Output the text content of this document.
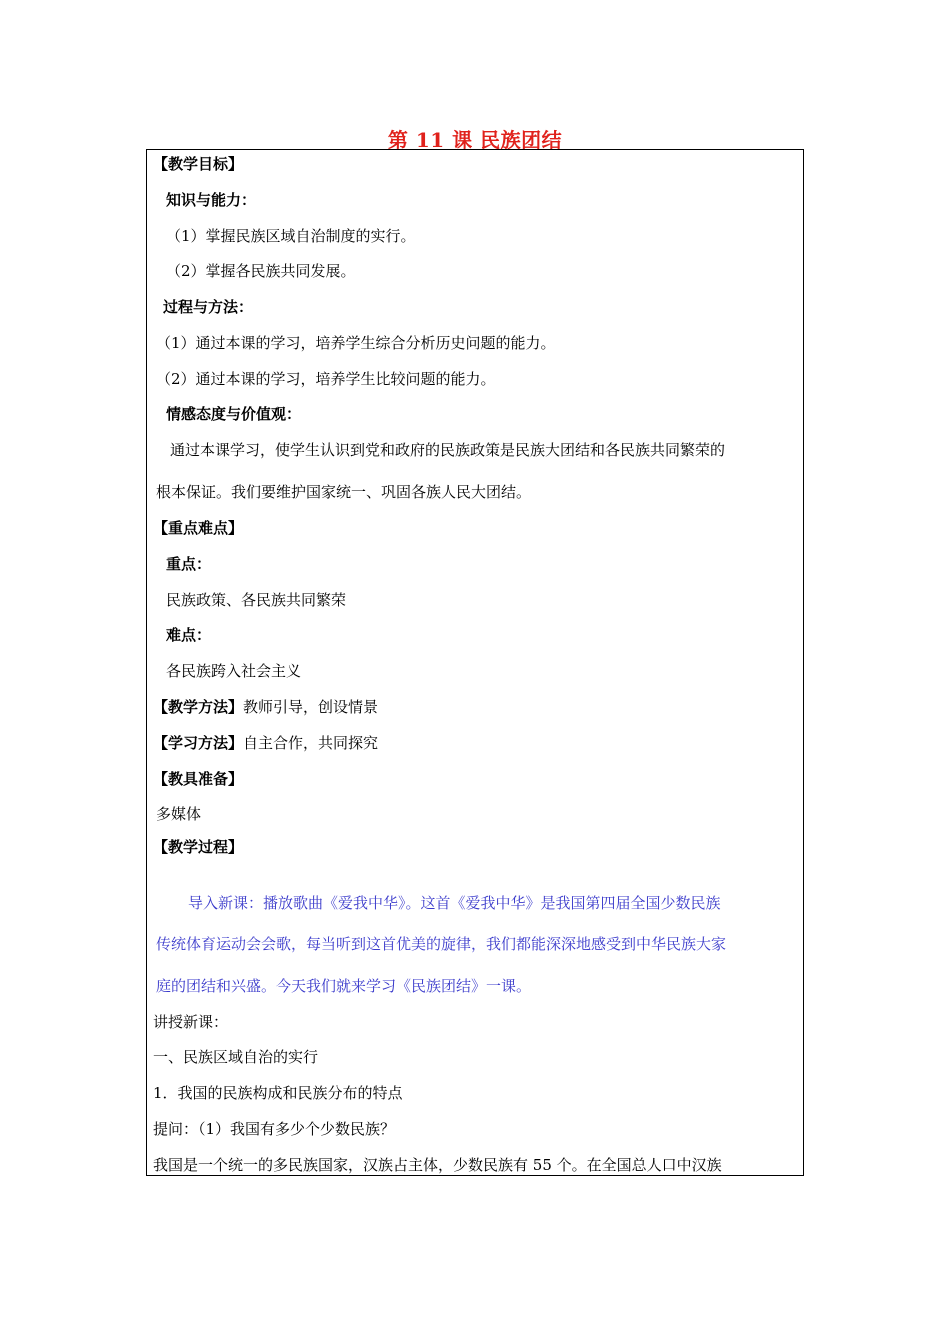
第 11 课 民族团结
【教学目标】
知识与能力：
（1）掌握民族区域自治制度的实行。
（2）掌握各民族共同发展。
过程与方法：
（1）通过本课的学习，培养学生综合分析历史问题的能力。
（2）通过本课的学习，培养学生比较问题的能力。
情感态度与价值观：
通过本课学习，使学生认识到党和政府的民族政策是民族大团结和各民族共同繁荣的
根本保证。我们要维护国家统一、巩固各族人民大团结。
【重点难点】
重点：
民族政策、各民族共同繁荣
难点：
各民族跨入社会主义
【教学方法】教师引导，创设情景
【学习方法】自主合作，共同探究
【教具准备】
多媒体
【教学过程】
导入新课：播放歌曲《爱我中华》。这首《爱我中华》是我国第四届全国少数民族
传统体育运动会会歌，每当听到这首优美的旋律，我们都能深深地感受到中华民族大家
庭的团结和兴盛。今天我们就来学习《民族团结》一课。
讲授新课：
一、民族区域自治的实行
1．我国的民族构成和民族分布的特点
提问：（1）我国有多少个少数民族？
我国是一个统一的多民族国家，汉族占主体，少数民族有 55 个。在全国总人口中汉族
